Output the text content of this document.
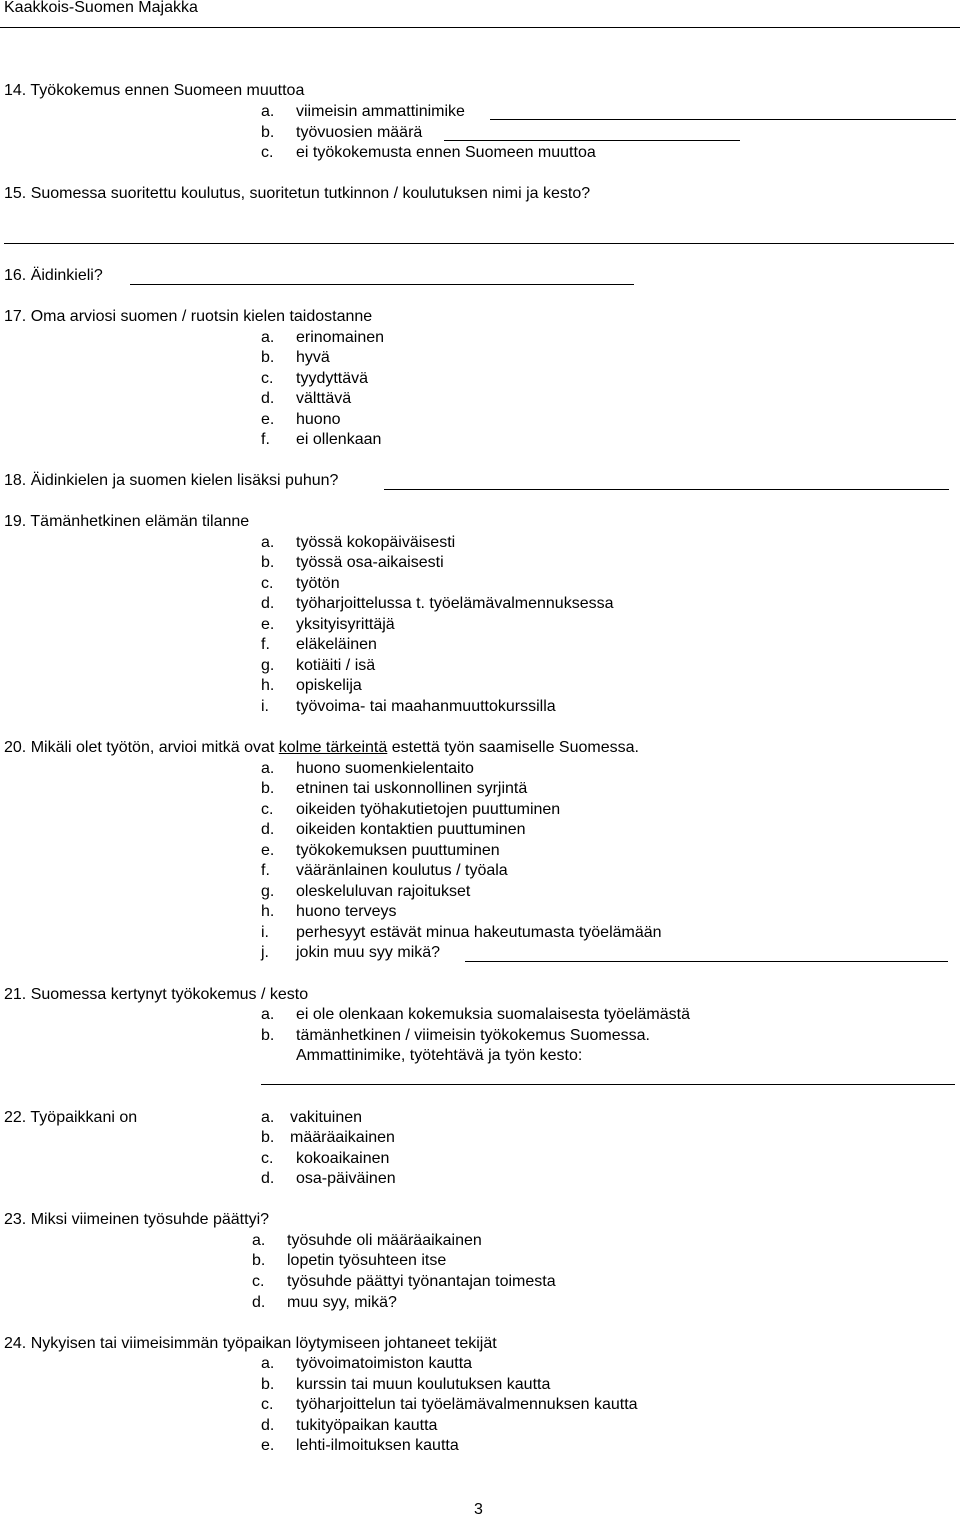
Kaakkois-Suomen Majakka
14. Työkokemus ennen Suomeen muuttoa
a. viimeisin ammattinimike
b. työvuosien määrä
c. ei työkokemusta ennen Suomeen muuttoa
15. Suomessa suoritettu koulutus, suoritetun tutkinnon / koulutuksen nimi ja kesto?
16. Äidinkieli?
17. Oma arviosi suomen / ruotsin kielen taidostanne
a. erinomainen
b. hyvä
c. tyydyttävä
d. välttävä
e. huono
f. ei ollenkaan
18. Äidinkielen ja suomen kielen lisäksi puhun?
19. Tämänhetkinen elämän tilanne
a. työssä kokopäiväisesti
b. työssä osa-aikaisesti
c. työtön
d. työharjoittelussa t. työelämävalmennuksessa
e. yksityisyrittäjä
f. eläkeläinen
g. kotiäiti / isä
h. opiskelija
i. työvoima- tai maahanmuuttokurssilla
20. Mikäli olet työtön, arvioi mitkä ovat kolme tärkeintä estettä työn saamiselle Suomessa.
a. huono suomenkielentaito
b. etninen tai uskonnollinen syrjintä
c. oikeiden työhakutietojen puuttuminen
d. oikeiden kontaktien puuttuminen
e. työkokemuksen puuttuminen
f. vääränlainen koulutus / työala
g. oleskeluluvan rajoitukset
h. huono terveys
i. perhesyyt estävät minua hakeutumasta työelämään
j. jokin muu syy mikä?
21. Suomessa kertynyt työkokemus / kesto
a. ei ole olenkaan kokemuksia suomalaisesta työelämästä
b. tämänhetkinen / viimeisin työkokemus Suomessa.
Ammattinimike, työtehtävä ja työn kesto:
22. Työpaikkani on	a. vakituinen
b. määräaikainen
c. kokoaikainen
d. osa-päiväinen
23. Miksi viimeinen työsuhde päättyi?
a. työsuhde oli määräaikainen
b. lopetin työsuhteen itse
c. työsuhde päättyi työnantajan toimesta
d. muu syy, mikä?
24. Nykyisen tai viimeisimmän työpaikan löytymiseen johtaneet tekijät
a. työvoimatoimiston kautta
b. kurssin tai muun koulutuksen kautta
c. työharjoittelun tai työelämävalmennuksen kautta
d. tukityöpaikan kautta
e. lehti-ilmoituksen kautta
3
